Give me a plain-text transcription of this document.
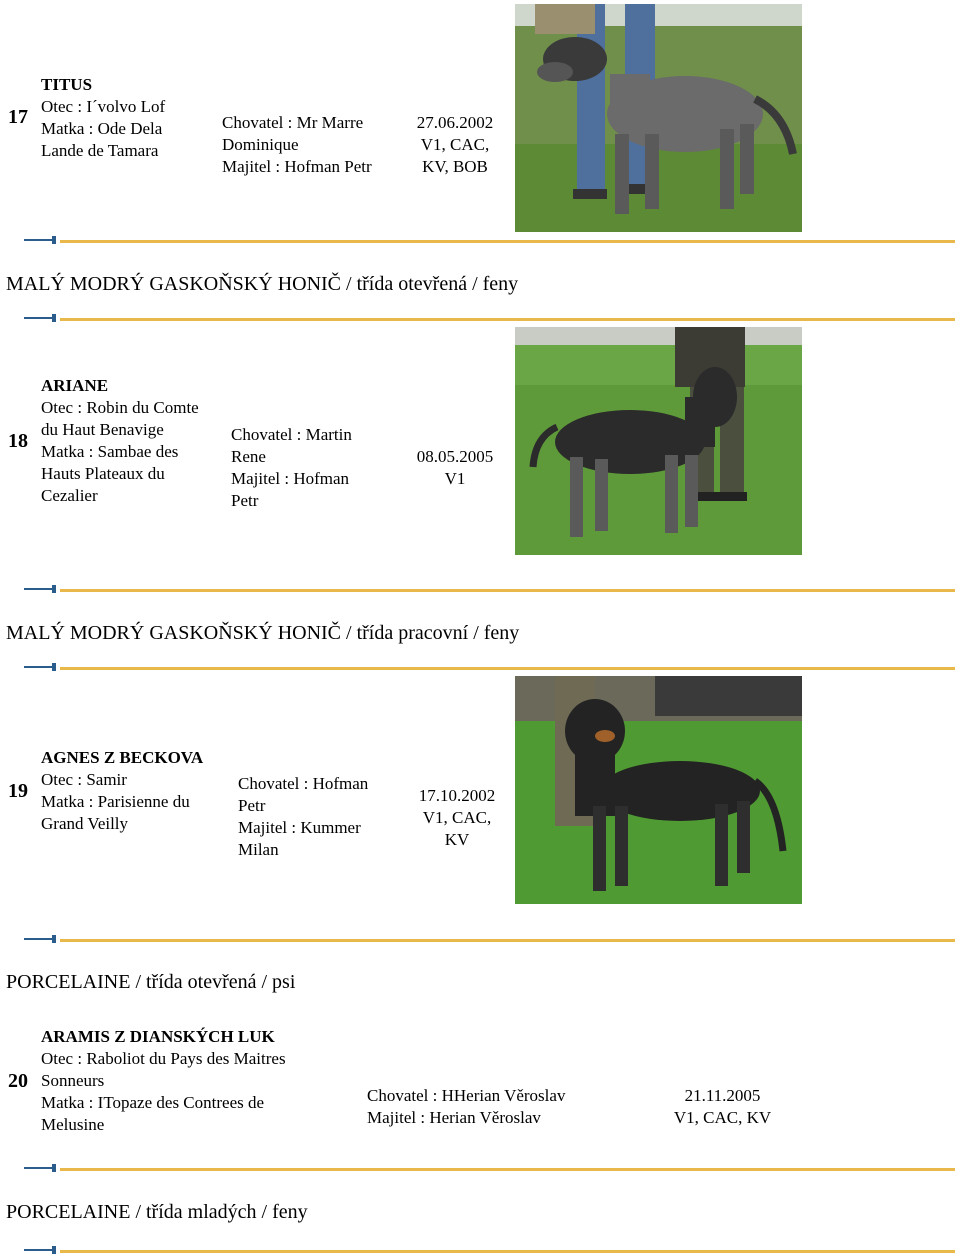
17
TITUS
Otec : I´volvo Lof
Matka : Ode Dela
Lande de Tamara
Chovatel : Mr Marre
Dominique
Majitel : Hofman Petr
27.06.2002
V1, CAC,
KV, BOB
MALÝ MODRÝ GASKOŇSKÝ HONIČ / třída otevřená / feny
18
ARIANE
Otec : Robin du Comte
du Haut Benavige
Matka : Sambae des
Hauts Plateaux du
Cezalier
Chovatel : Martin
Rene
Majitel : Hofman
Petr
08.05.2005
V1
MALÝ MODRÝ GASKOŇSKÝ HONIČ / třída pracovní / feny
19
AGNES Z BECKOVA
Otec : Samir
Matka : Parisienne du
Grand Veilly
Chovatel : Hofman
Petr
Majitel : Kummer
Milan
17.10.2002
V1, CAC,
KV
PORCELAINE / třída otevřená / psi
20
ARAMIS Z DIANSKÝCH LUK
Otec : Raboliot du Pays des Maitres
Sonneurs
Matka : ITopaze des Contrees de
Melusine
Chovatel : HHerian Věroslav
Majitel : Herian Věroslav
21.11.2005
V1, CAC, KV
PORCELAINE / třída mladých / feny
